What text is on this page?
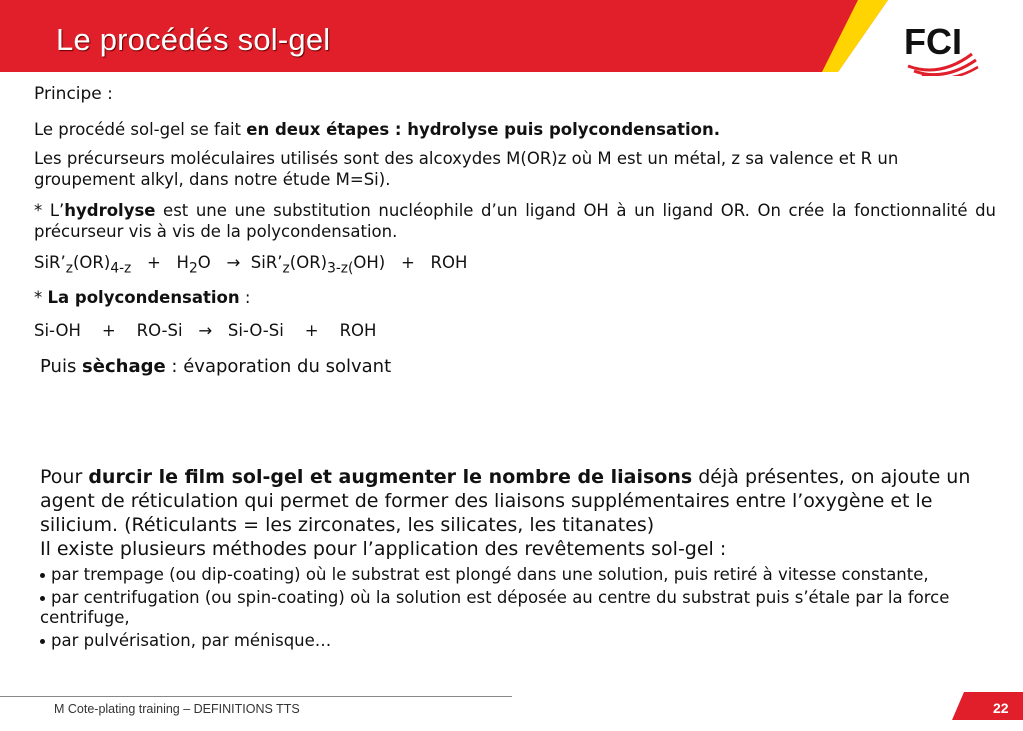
Le procédés sol-gel	FCI

Principe :

Le procédé sol-gel se fait en deux étapes : hydrolyse puis polycondensation.

Les précurseurs moléculaires utilisés sont des alcoxydes M(OR)z où M est un métal, z sa valence et R un groupement alkyl, dans notre étude M=Si).

* L’hydrolyse est une une substitution nucléophile d’un ligand OH à un ligand OR. On crée la fonctionnalité du précurseur vis à vis de la polycondensation.

$SiR’_z(OR)_{4-z} + H_2O$   →  $SiR’_z(OR)_{3-z(}OH$)   +   ROH

* La polycondensation :

Si-OH    +    RO-Si   →   Si-O-Si    +    ROH

Puis sèchage : évaporation du solvant

Pour durcir le film sol-gel et augmenter le nombre de liaisons déjà présentes, on ajoute un agent de réticulation qui permet de former des liaisons supplémentaires entre l’oxygène et le silicium. (Réticulants = les zirconates, les silicates, les titanates)

Il existe plusieurs méthodes pour l’application des revêtements sol-gel :

par trempage (ou dip-coating) où le substrat est plongé dans une solution, puis retiré à vitesse constante,
par centrifugation (ou spin-coating) où la solution est déposée au centre du substrat puis s’étale par la force centrifuge,
par pulvérisation, par ménisque…
M Cote-plating training – DEFINITIONS TTS	22
